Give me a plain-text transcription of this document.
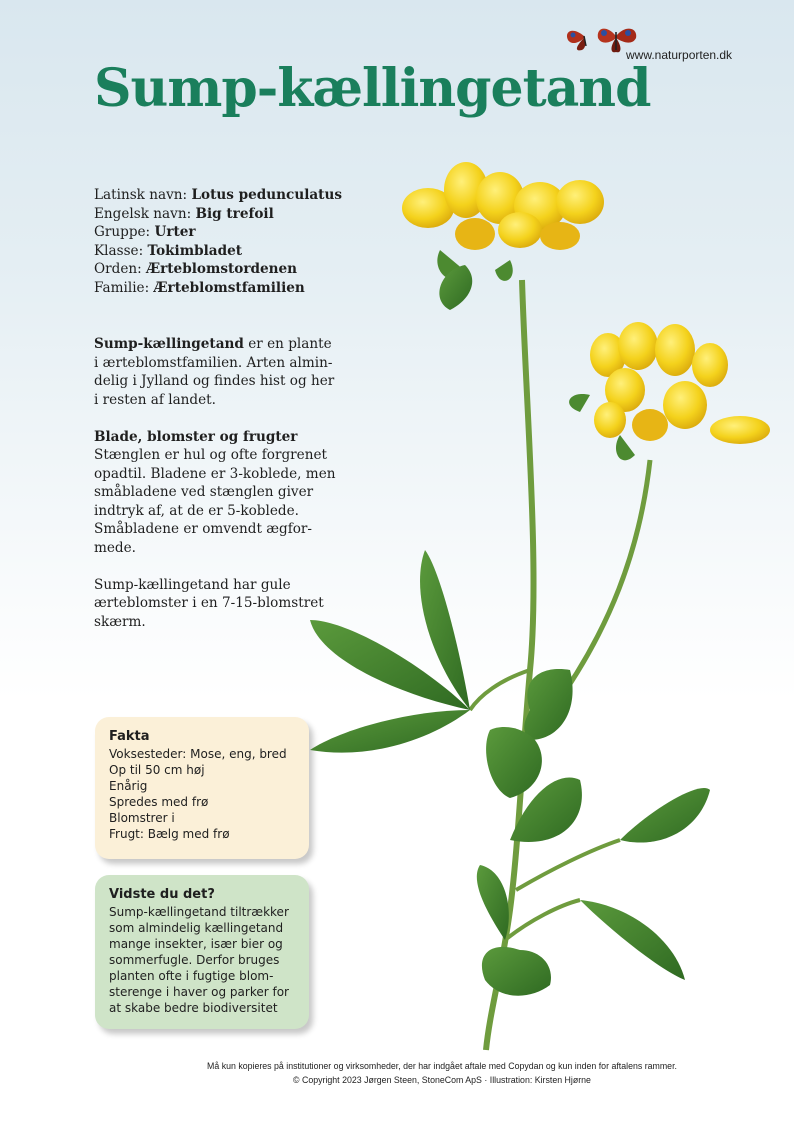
www.naturporten.dk
Sump-kællingetand
Latinsk navn: Lotus pedunculatus
Engelsk navn: Big trefoil
Gruppe: Urter
Klasse: Tokimbladet
Orden: Ærteblomstordenen
Familie: Ærteblomstfamilien

Sump-kællingetand er en plante i ærteblomstfamilien. Arten almin-delig i Jylland og findes hist og her i resten af landet.

Blade, blomster og frugter
Stænglen er hul og ofte forgrenet opadtil. Bladene er 3-koblede, men småbladene ved stænglen giver indtryk af, at de er 5-koblede. Småbladene er omvendt ægfor-mede.

Sump-kællingetand har gule ærteblomster i en 7-15-blomstret skærm.

Fakta
Voksesteder: Mose, eng, bred
Op til 50 cm høj
Enårig
Spredes med frø
Blomstrer i
Frugt: Bælg med frø
Vidste du det?
Sump-kællingetand tiltrækker som almindelig kællingetand mange insekter, især bier og sommerfugle. Derfor bruges planten ofte i fugtige blom-sterenge i haver og parker for at skabe bedre biodiversitet
Må kun kopieres på institutioner og virksomheder, der har indgået aftale med Copydan og kun inden for aftalens rammer.
© Copyright 2023 Jørgen Steen, StoneCom ApS · Illustration: Kirsten Hjørne
